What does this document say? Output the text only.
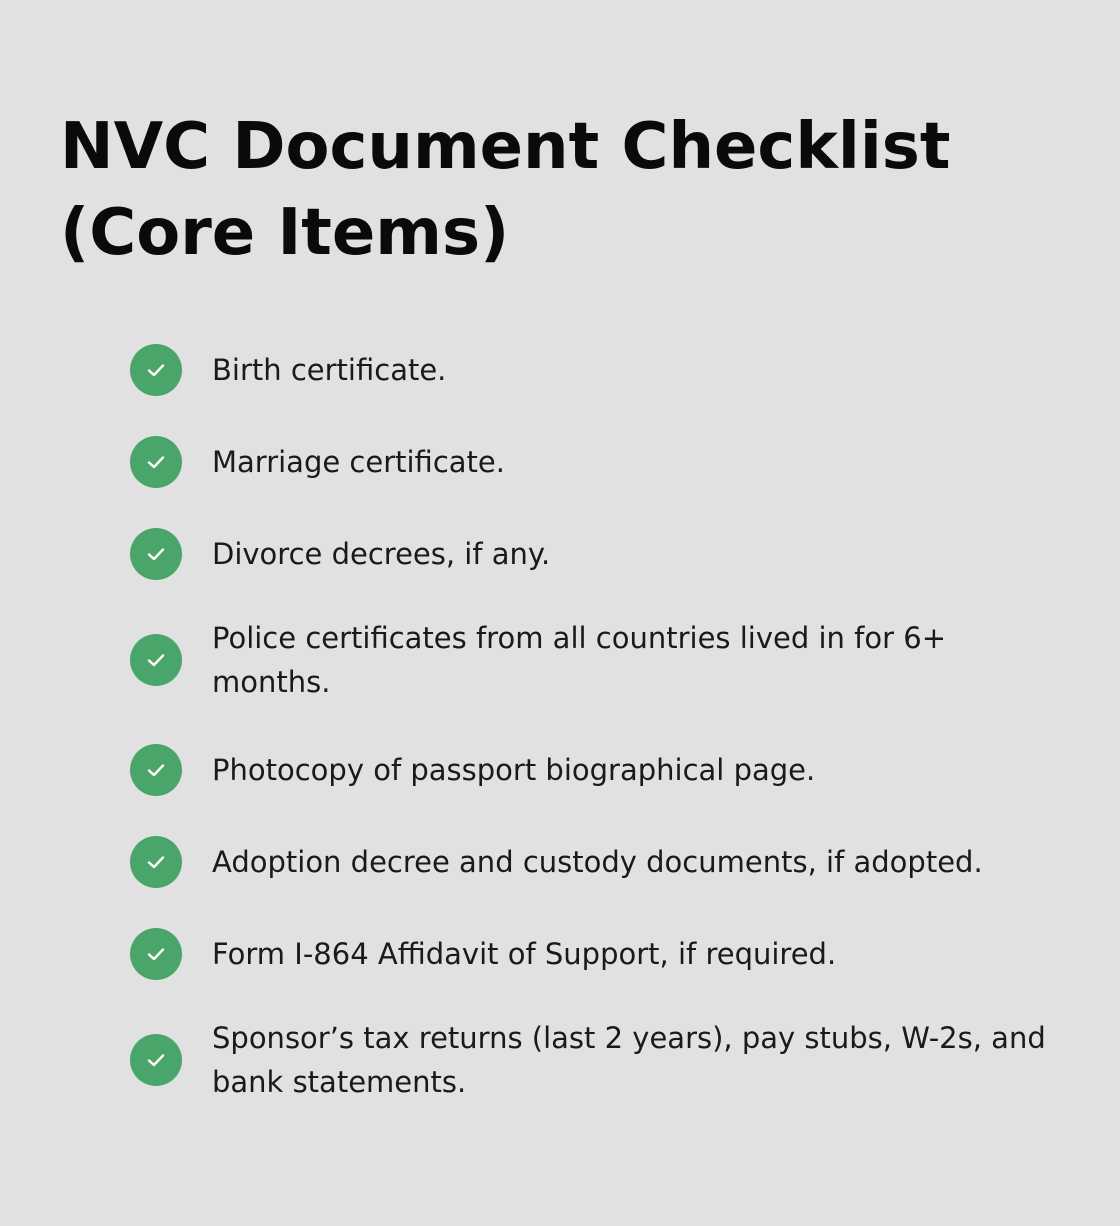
NVC Document Checklist (Core Items)
Birth certificate.
Marriage certificate.
Divorce decrees, if any.
Police certificates from all countries lived in for 6+ months.
Photocopy of passport biographical page.
Adoption decree and custody documents, if adopted.
Form I-864 Affidavit of Support, if required.
Sponsor’s tax returns (last 2 years), pay stubs, W-2s, and bank statements.
